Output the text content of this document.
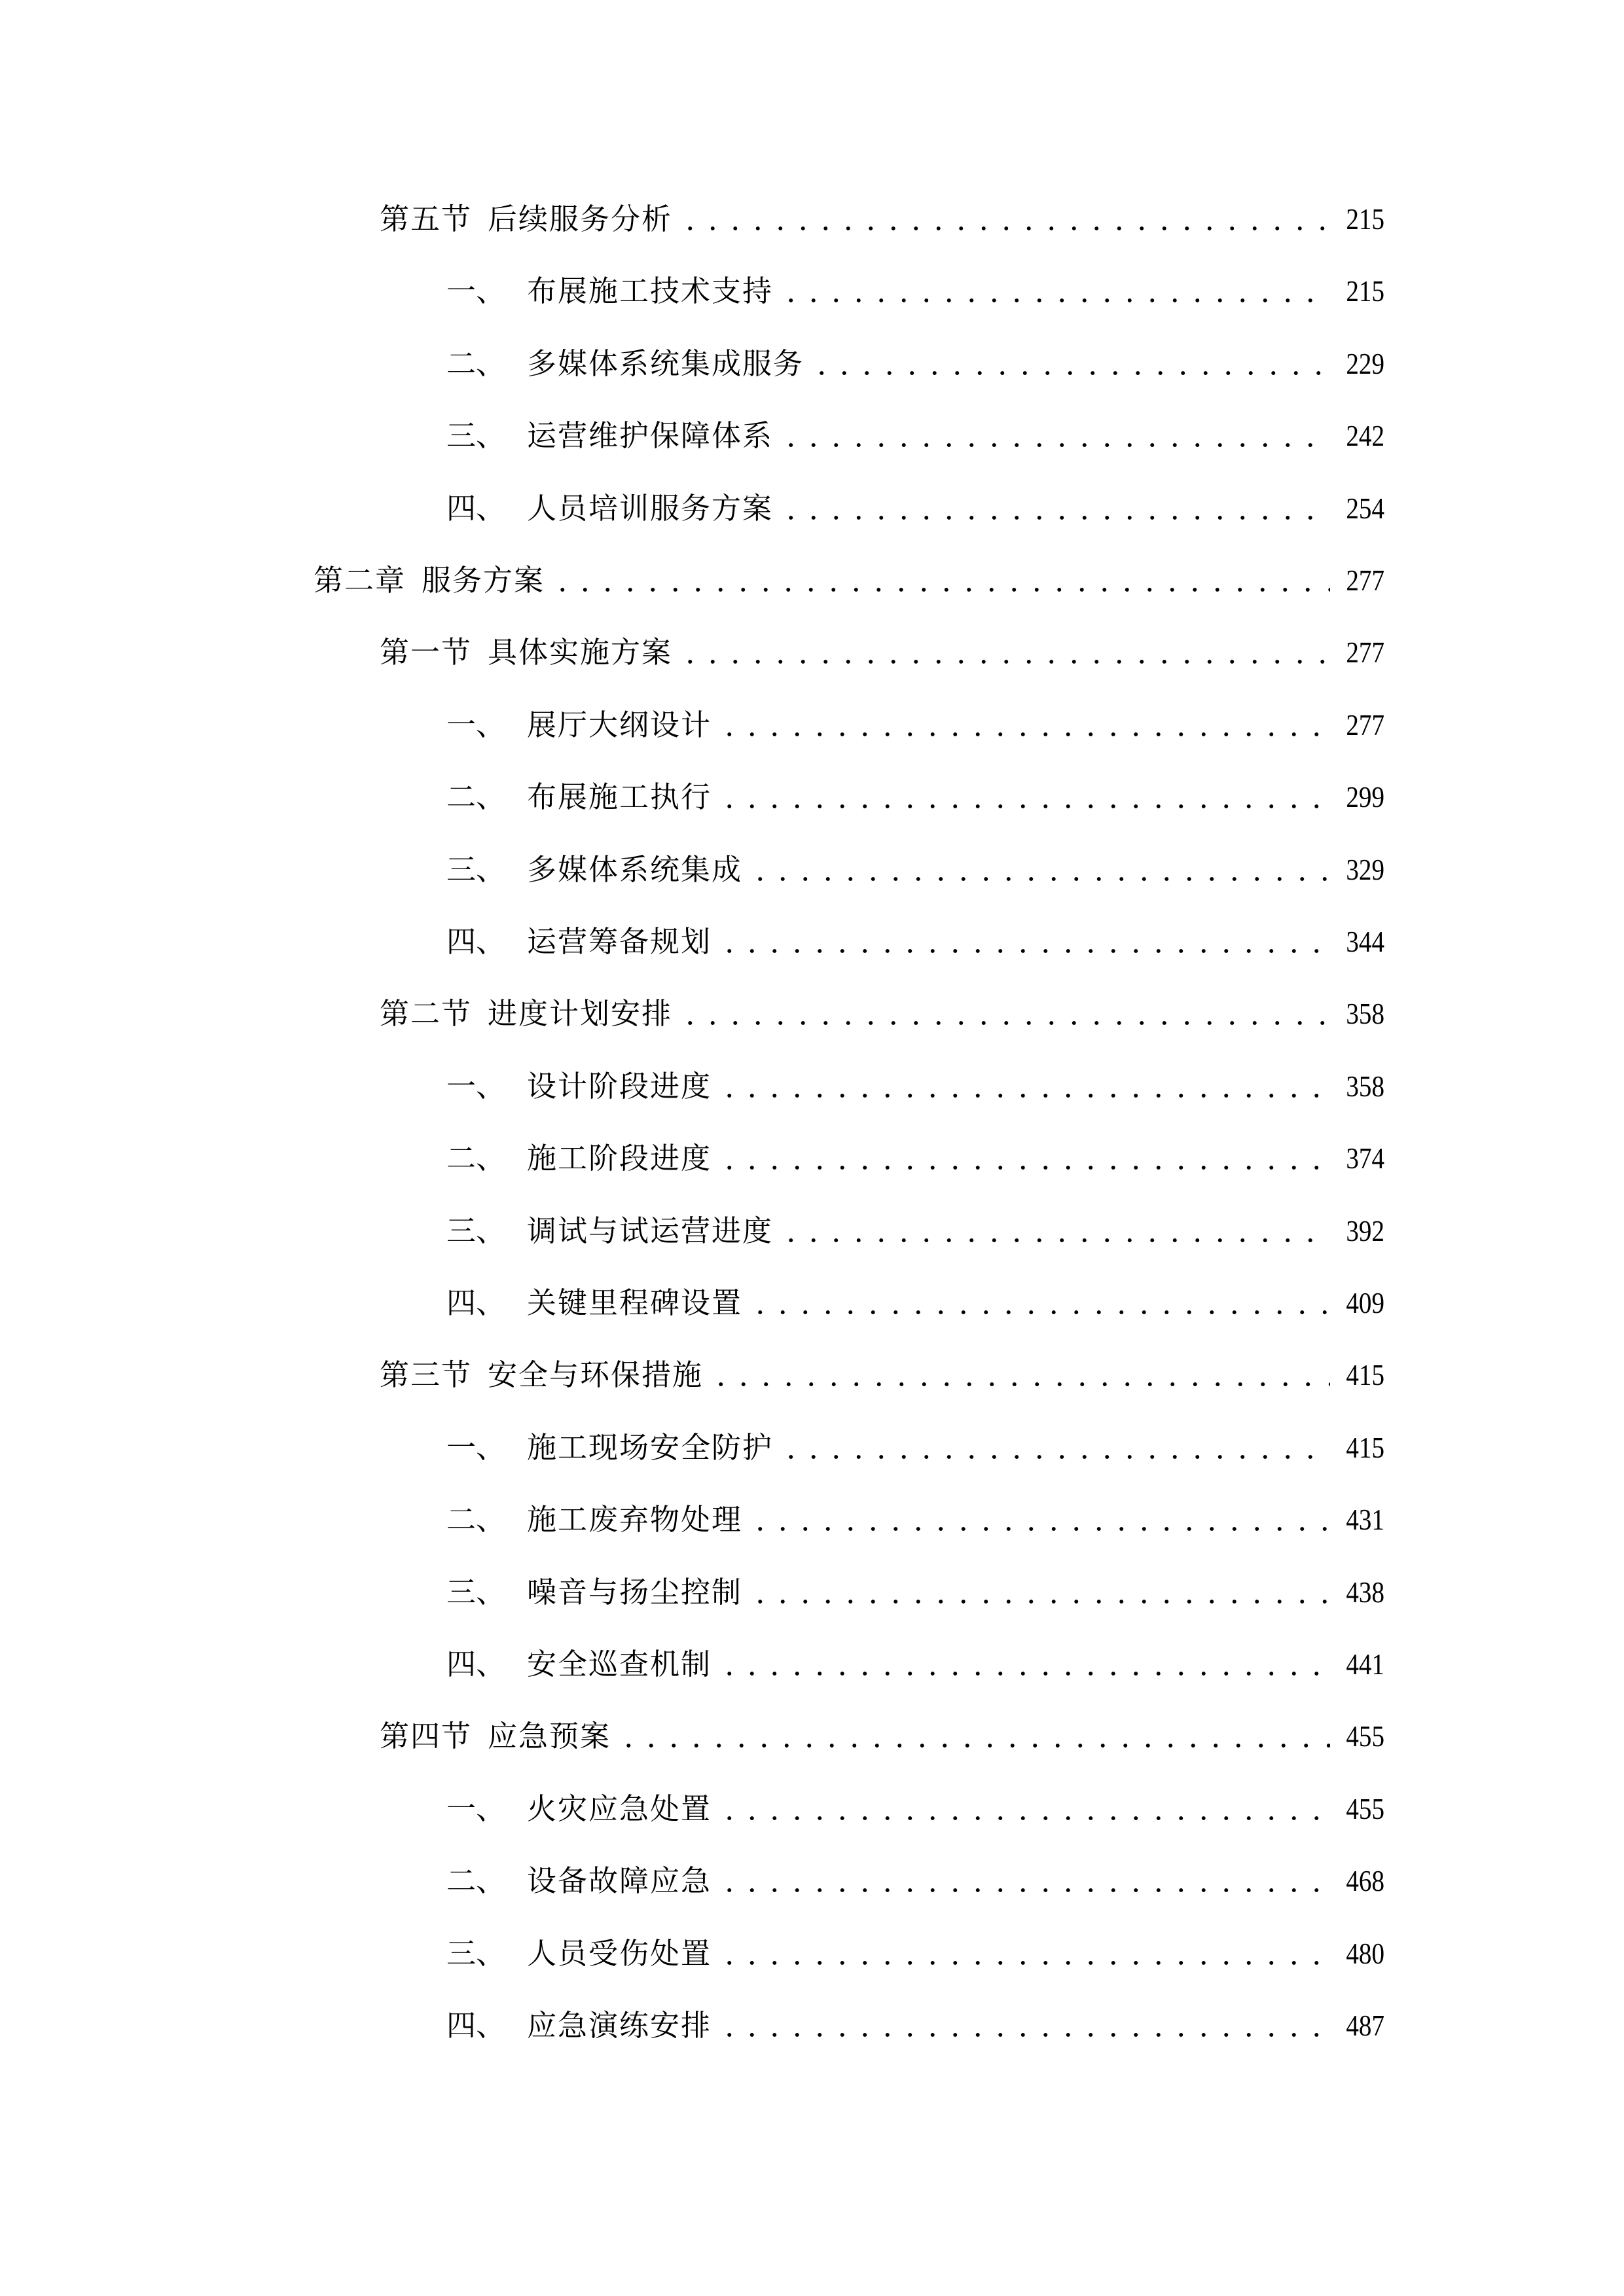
第五节 后续服务分析	215
一、 布展施工技术支持	215
二、 多媒体系统集成服务	229
三、 运营维护保障体系	242
四、 人员培训服务方案	254
第二章 服务方案	277
第一节 具体实施方案	277
一、 展厅大纲设计	277
二、 布展施工执行	299
三、 多媒体系统集成	329
四、 运营筹备规划	344
第二节 进度计划安排	358
一、 设计阶段进度	358
二、 施工阶段进度	374
三、 调试与试运营进度	392
四、 关键里程碑设置	409
第三节 安全与环保措施	415
一、 施工现场安全防护	415
二、 施工废弃物处理	431
三、 噪音与扬尘控制	438
四、 安全巡查机制	441
第四节 应急预案	455
一、 火灾应急处置	455
二、 设备故障应急	468
三、 人员受伤处置	480
四、 应急演练安排	487
